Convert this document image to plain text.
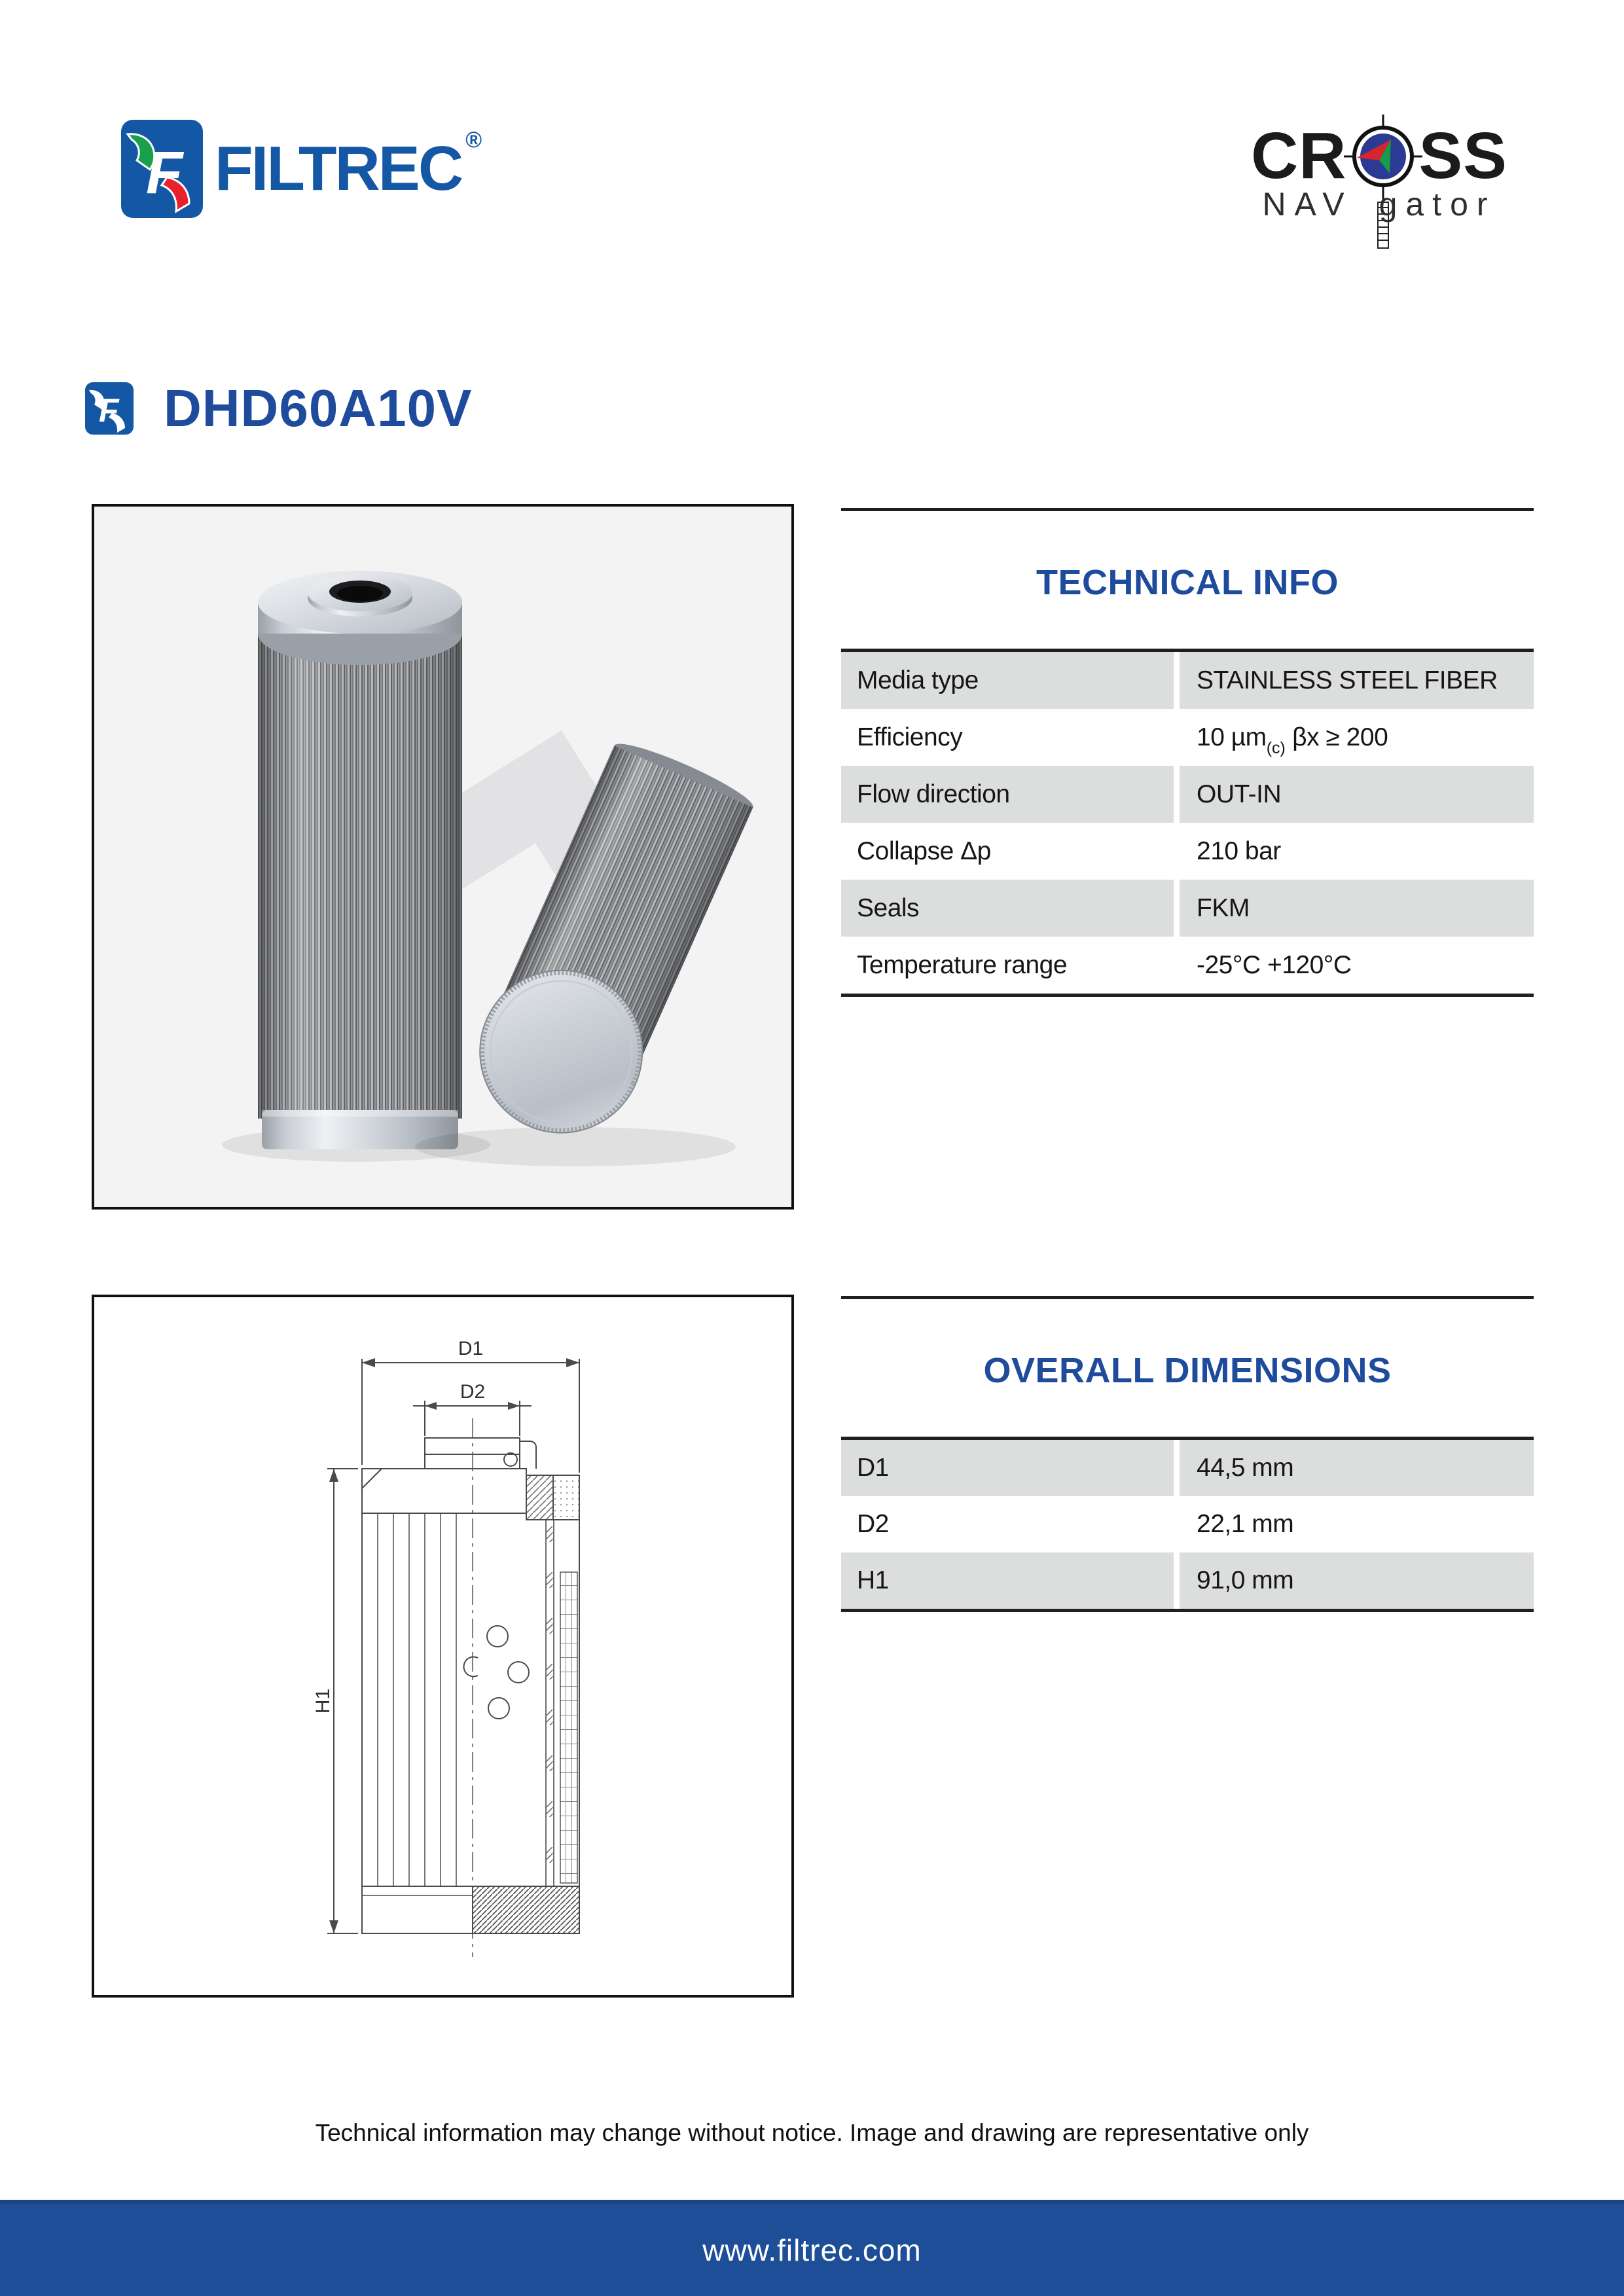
F FILTREC ®	CR SS
NAV gator
F DHD60A10V
TECHNICAL INFO
Media type	STAINLESS STEEL FIBER
Efficiency	10 µm$_{(c)}$ βx ≥ 200
Flow direction	OUT-IN
Collapse Δp	210 bar
Seals	FKM
Temperature range	-25°C +120°C
D1
D2
H1
OVERALL DIMENSIONS
D1	44,5 mm
D2	22,1 mm
H1	91,0 mm

Technical information may change without notice. Image and drawing are representative only

www.filtrec.com
